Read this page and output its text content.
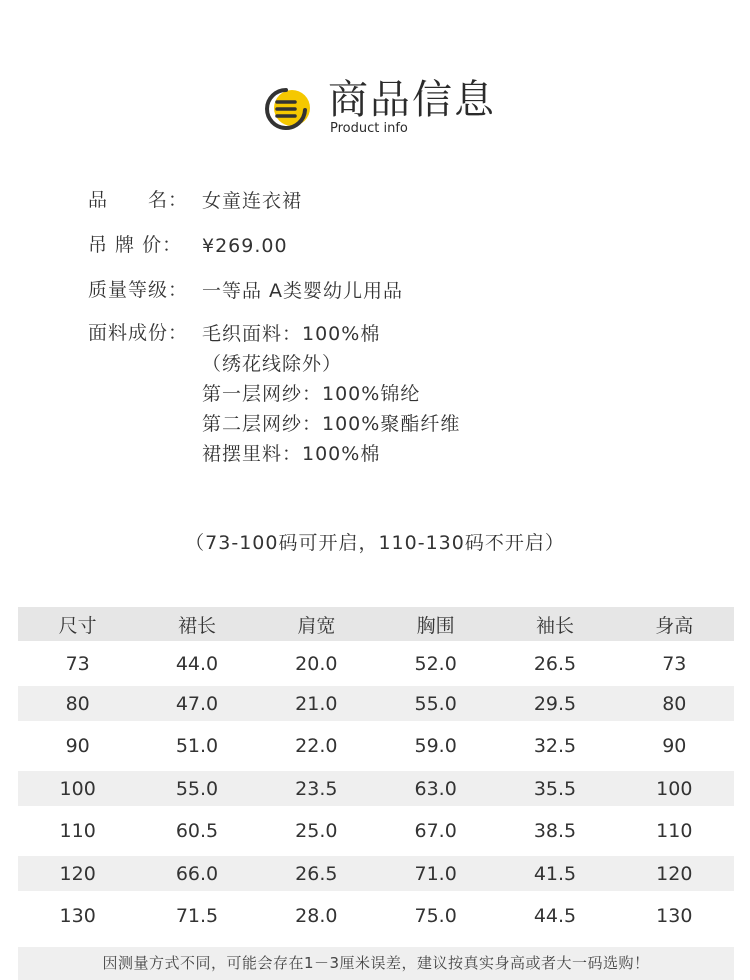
商品信息
Product info
品　　名： 女童连衣裙
吊 牌 价：	¥269.00
质量等级： 一等品 A类婴幼儿用品
面料成份： 毛织面料：100%棉
（绣花线除外）
第一层网纱：100%锦纶
第二层网纱：100%聚酯纤维
裙摆里料：100%棉
（73-100码可开启，110-130码不开启）
尺寸	裙长	肩宽	胸围	袖长	身高
73	44.0	20.0	52.0	26.5	73
80	47.0	21.0	55.0	29.5	80
90	51.0	22.0	59.0	32.5	90
100	55.0	23.5	63.0	35.5	100
110	60.5	25.0	67.0	38.5	110
120	66.0	26.5	71.0	41.5	120
130	71.5	28.0	75.0	44.5	130
因测量方式不同，可能会存在1－3厘米误差，建议按真实身高或者大一码选购！
